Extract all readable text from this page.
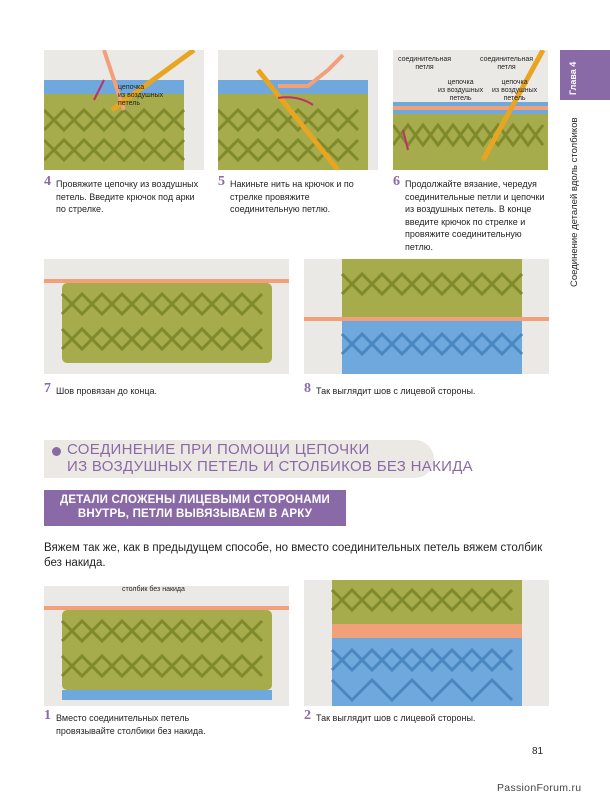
Глава 4
Соединение деталей вдоль столбиков
цепочка
из воздушных
петель
соединительная
петля
соединительная
петля
цепочка
из воздушных
петель
цепочка
из воздушных
петель
4 Провяжите цепочку из воздушных петель. Введите крючок под арки по стрелке.
5 Накиньте нить на крючок и по стрелке провяжите соединительную петлю.
6 Продолжайте вязание, чередуя соединительные петли и цепочки из воздушных петель. В конце введите крючок по стрелке и провяжите соединительную петлю.
7 Шов провязан до конца.	8 Так выглядит шов с лицевой стороны.
СОЕДИНЕНИЕ ПРИ ПОМОЩИ ЦЕПОЧКИ
ИЗ ВОЗДУШНЫХ ПЕТЕЛЬ И СТОЛБИКОВ БЕЗ НАКИДА
ДЕТАЛИ СЛОЖЕНЫ ЛИЦЕВЫМИ СТОРОНАМИ
ВНУТРЬ, ПЕТЛИ ВЫВЯЗЫВАЕМ В АРКУ
Вяжем так же, как в предыдущем способе, но вместо соединительных петель вяжем столбик без накида.
столбик без накида
1 Вместо соединительных петель провязывайте столбики без накида.
2 Так выглядит шов с лицевой стороны.
81
PassionForum.ru
